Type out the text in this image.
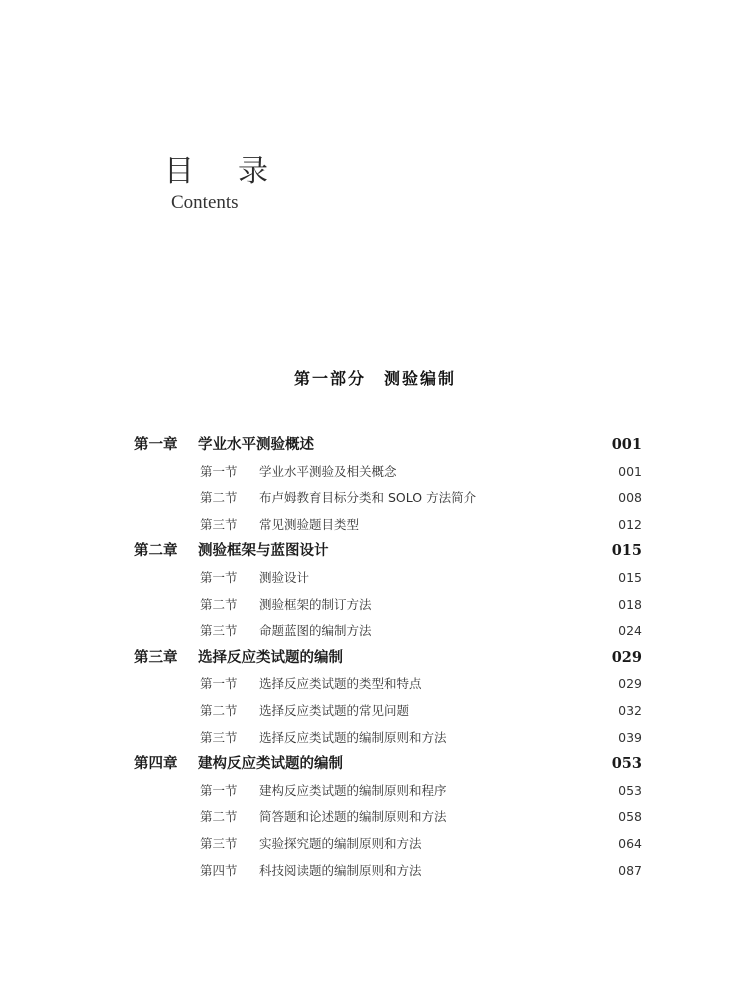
目录
Contents
第一部分　测验编制
第一章 学业水平测验概述	001
第一节 学业水平测验及相关概念	001
第二节 布卢姆教育目标分类和 SOLO 方法简介	008
第三节 常见测验题目类型	012
第二章 测验框架与蓝图设计	015
第一节 测验设计	015
第二节 测验框架的制订方法	018
第三节 命题蓝图的编制方法	024
第三章 选择反应类试题的编制	029
第一节 选择反应类试题的类型和特点	029
第二节 选择反应类试题的常见问题	032
第三节 选择反应类试题的编制原则和方法	039
第四章 建构反应类试题的编制	053
第一节 建构反应类试题的编制原则和程序	053
第二节 简答题和论述题的编制原则和方法	058
第三节 实验探究题的编制原则和方法	064
第四节 科技阅读题的编制原则和方法	087
